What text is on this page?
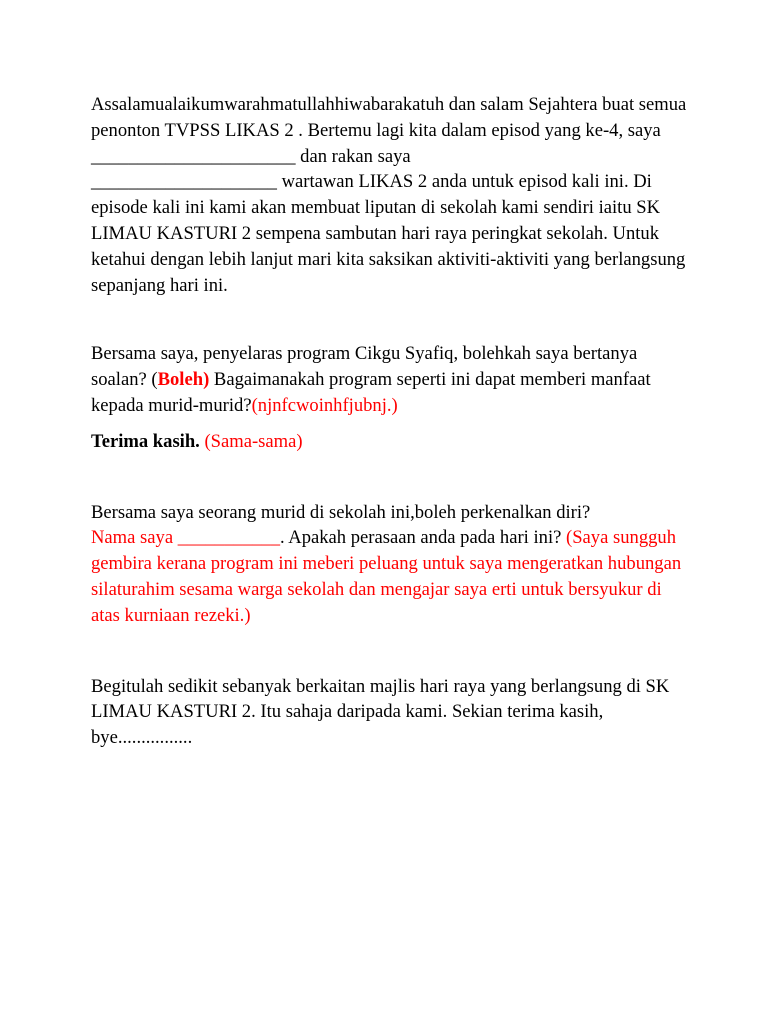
Assalamualaikumwarahmatullahhiwabarakatuh dan salam Sejahtera buat semua penonton TVPSS LIKAS 2 . Bertemu lagi kita dalam episod yang ke-4, saya ______________________ dan rakan saya
____________________ wartawan LIKAS 2 anda untuk episod kali ini. Di episode kali ini kami akan membuat liputan di sekolah kami sendiri iaitu SK LIMAU KASTURI 2 sempena sambutan hari raya peringkat sekolah. Untuk ketahui dengan lebih lanjut mari kita saksikan aktiviti-aktiviti yang berlangsung sepanjang hari ini.

Bersama saya, penyelaras program Cikgu Syafiq, bolehkah saya bertanya soalan? (Boleh) Bagaimanakah program seperti ini dapat memberi manfaat kepada murid-murid?(njnfcwoinhfjubnj.)

Terima kasih. (Sama-sama)

Bersama saya seorang murid di sekolah ini,boleh perkenalkan diri?
Nama saya ___________. Apakah perasaan anda pada hari ini? (Saya sungguh gembira kerana program ini meberi peluang untuk saya mengeratkan hubungan silaturahim sesama warga sekolah dan mengajar saya erti untuk bersyukur di atas kurniaan rezeki.)

Begitulah sedikit sebanyak berkaitan majlis hari raya yang berlangsung di SK LIMAU KASTURI 2. Itu sahaja daripada kami. Sekian terima kasih, bye................
